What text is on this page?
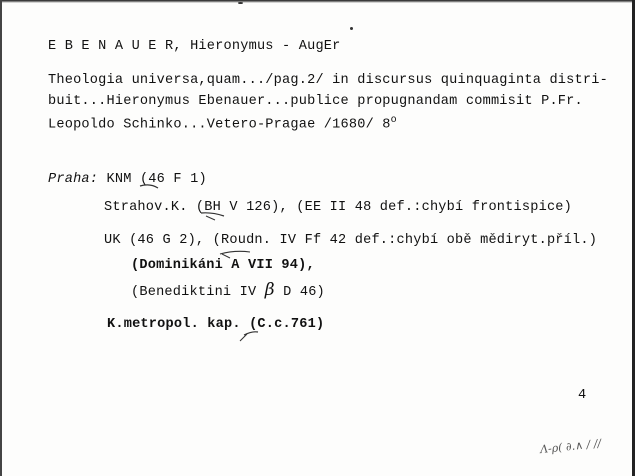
E B E N A U E R, Hieronymus - AugEr
Theologia universa,quam.../pag.2/ in discursus quinquaginta distri-
buit...Hieronymus Ebenauer...publice propugnandam commisit P.Fr.
Leopoldo Schinko...Vetero-Pragae /1680/ 8$^o$
Praha: KNM (46 F 1)
Strahov.K. (BH V 126), (EE II 48 def.:chybí frontispice)
UK (46 G 2), (Roudn. IV Ff 42 def.:chybí obě mědiryt.příl.)
(Dominikáni A VII 94),
(Benediktini IV β D 46)
K.metropol. kap. (C.c.761)
4
Λ-ρ( ∂.∧ / //
